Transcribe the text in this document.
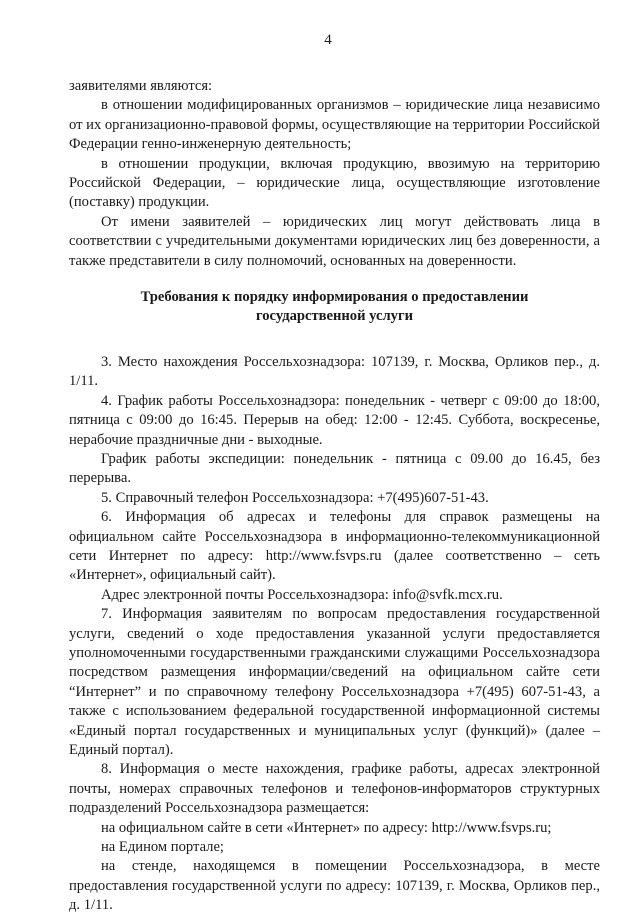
4

заявителями являются:

в отношении модифицированных организмов – юридические лица независимо от их организационно-правовой формы, осуществляющие на территории Российской Федерации генно-инженерную деятельность;

в отношении продукции, включая продукцию, ввозимую на территорию Российской Федерации, – юридические лица, осуществляющие изготовление (поставку) продукции.

От имени заявителей – юридических лиц могут действовать лица в соответствии с учредительными документами юридических лиц без доверенности, а также представители в силу полномочий, основанных на доверенности.

Требования к порядку информирования о предоставлении
государственной услуги

3. Место нахождения Россельхознадзора: 107139, г. Москва, Орликов пер., д. 1/11.

4. График работы Россельхознадзора: понедельник - четверг с 09:00 до 18:00, пятница с 09:00 до 16:45. Перерыв на обед: 12:00 - 12:45. Суббота, воскресенье, нерабочие праздничные дни - выходные.

График работы экспедиции: понедельник - пятница с 09.00 до 16.45, без перерыва.

5. Справочный телефон Россельхознадзора: +7(495)607-51-43.

6. Информация об адресах и телефоны для справок размещены на официальном сайте Россельхознадзора в информационно-телекоммуникационной сети Интернет по адресу: http://www.fsvps.ru (далее соответственно – сеть «Интернет», официальный сайт).

Адрес электронной почты Россельхознадзора: info@svfk.mcx.ru.

7. Информация заявителям по вопросам предоставления государственной услуги, сведений о ходе предоставления указанной услуги предоставляется уполномоченными государственными гражданскими служащими Россельхознадзора посредством размещения информации/сведений на официальном сайте сети “Интернет” и по справочному телефону Россельхознадзора +7(495) 607-51-43, а также с использованием федеральной государственной информационной системы «Единый портал государственных и муниципальных услуг (функций)» (далее – Единый портал).

8. Информация о месте нахождения, графике работы, адресах электронной почты, номерах справочных телефонов и телефонов-информаторов структурных подразделений Россельхознадзора размещается:

на официальном сайте в сети «Интернет» по адресу: http://www.fsvps.ru;

на Едином портале;

на стенде, находящемся в помещении Россельхознадзора, в месте предоставления государственной услуги по адресу: 107139, г. Москва, Орликов пер., д. 1/11.
